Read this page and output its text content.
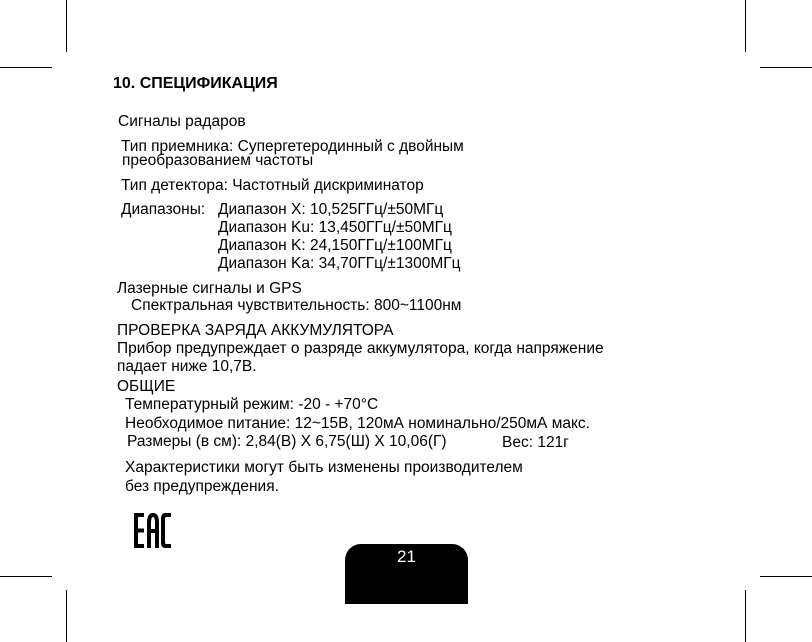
10. СПЕЦИФИКАЦИЯ
Сигналы радаров
Тип приемника: Супергетеродинный с двойным
преобразованием частоты
Тип детектора: Частотный дискриминатор
Диапазоны: Диапазон X: 10,525ГГц/±50МГц
Диапазон Ku: 13,450ГГц/±50МГц
Диапазон K: 24,150ГГц/±100МГц
Диапазон Ka: 34,70ГГц/±1300МГц
Лазерные сигналы и GPS
Спектральная чувствительность: 800~1100нм
ПРОВЕРКА ЗАРЯДА АККУМУЛЯТОРА
Прибор предупреждает о разряде аккумулятора, когда напряжение
падает ниже 10,7В.
ОБЩИЕ
Температурный режим: -20 - +70°C
Необходимое питание: 12~15В, 120мА номинально/250мА макс.
Размеры (в см): 2,84(В) X 6,75(Ш) X 10,06(Г)	Вес: 121г
Характеристики могут быть изменены производителем
без предупреждения.
21
